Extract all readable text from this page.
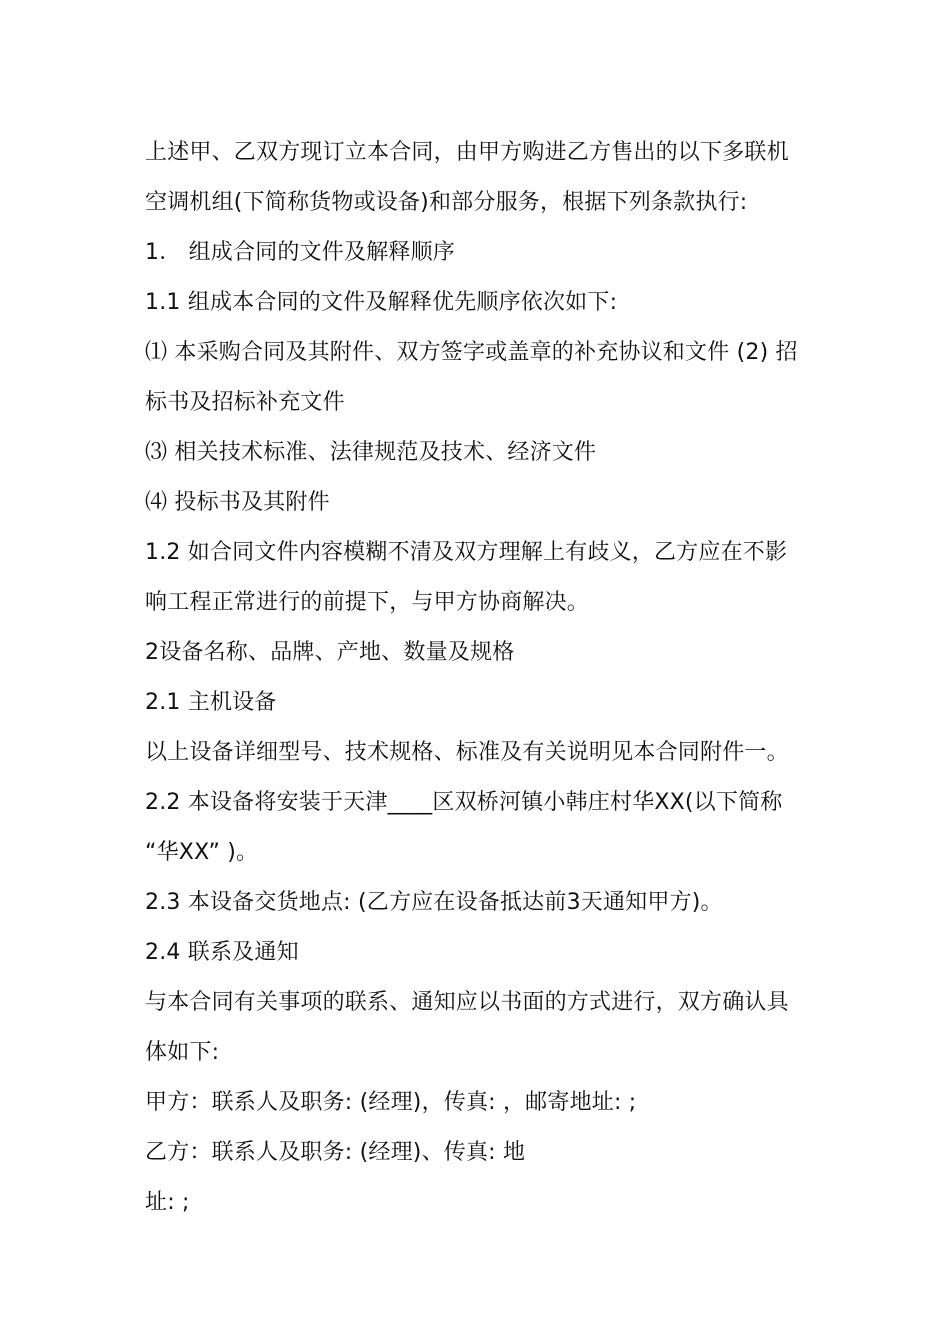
上述甲、乙双方现订立本合同，由甲方购进乙方售出的以下多联机
空调机组(下简称货物或设备)和部分服务，根据下列条款执行:
1． 组成合同的文件及解释顺序
1.1 组成本合同的文件及解释优先顺序依次如下:
⑴ 本采购合同及其附件、双方签字或盖章的补充协议和文件 (2) 招
标书及招标补充文件
⑶ 相关技术标准、法律规范及技术、经济文件
⑷ 投标书及其附件
1.2 如合同文件内容模糊不清及双方理解上有歧义，乙方应在不影
响工程正常进行的前提下，与甲方协商解决。
2设备名称、品牌、产地、数量及规格
2.1 主机设备
以上设备详细型号、技术规格、标准及有关说明见本合同附件一。
2.2 本设备将安装于天津____区双桥河镇小韩庄村华XX(以下简称
“华XX” )。
2.3 本设备交货地点: (乙方应在设备抵达前3天通知甲方)。
2.4 联系及通知
与本合同有关事项的联系、通知应以书面的方式进行，双方确认具
体如下:
甲方：联系人及职务: (经理)，传真: ，邮寄地址: ;
乙方：联系人及职务: (经理)、传真: 地
址: ;
